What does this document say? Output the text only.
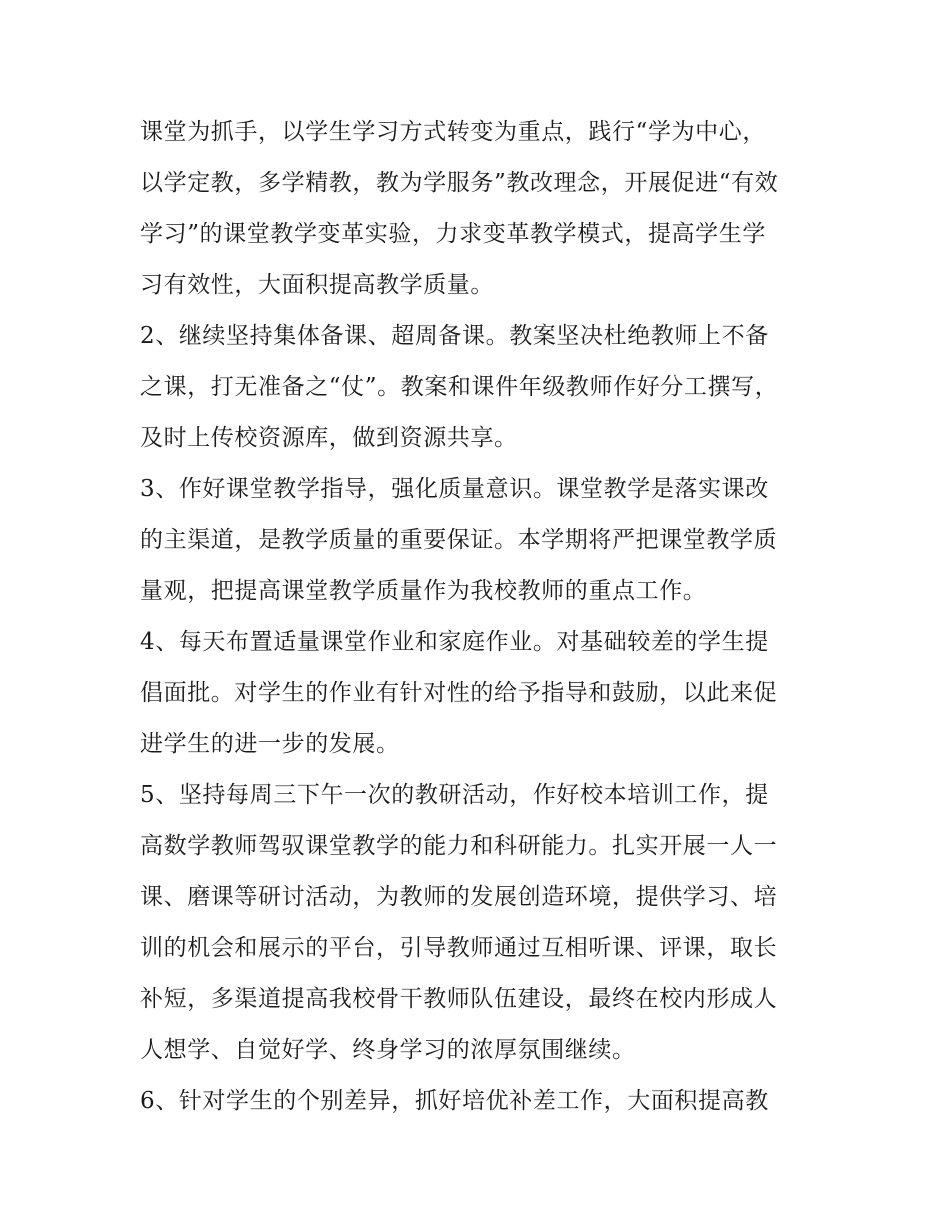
课堂为抓手，以学生学习方式转变为重点，践行“学为中心，
以学定教，多学精教，教为学服务”教改理念，开展促进“有效
学习”的课堂教学变革实验，力求变革教学模式，提高学生学
习有效性，大面积提高教学质量。
2、继续坚持集体备课、超周备课。教案坚决杜绝教师上不备
之课，打无准备之“仗”。教案和课件年级教师作好分工撰写，
及时上传校资源库，做到资源共享。
3、作好课堂教学指导，强化质量意识。课堂教学是落实课改
的主渠道，是教学质量的重要保证。本学期将严把课堂教学质
量观，把提高课堂教学质量作为我校教师的重点工作。
4、每天布置适量课堂作业和家庭作业。对基础较差的学生提
倡面批。对学生的作业有针对性的给予指导和鼓励，以此来促
进学生的进一步的发展。
5、坚持每周三下午一次的教研活动，作好校本培训工作，提
高数学教师驾驭课堂教学的能力和科研能力。扎实开展一人一
课、磨课等研讨活动，为教师的发展创造环境，提供学习、培
训的机会和展示的平台，引导教师通过互相听课、评课，取长
补短，多渠道提高我校骨干教师队伍建设，最终在校内形成人
人想学、自觉好学、终身学习的浓厚氛围继续。
6、针对学生的个别差异，抓好培优补差工作，大面积提高教
